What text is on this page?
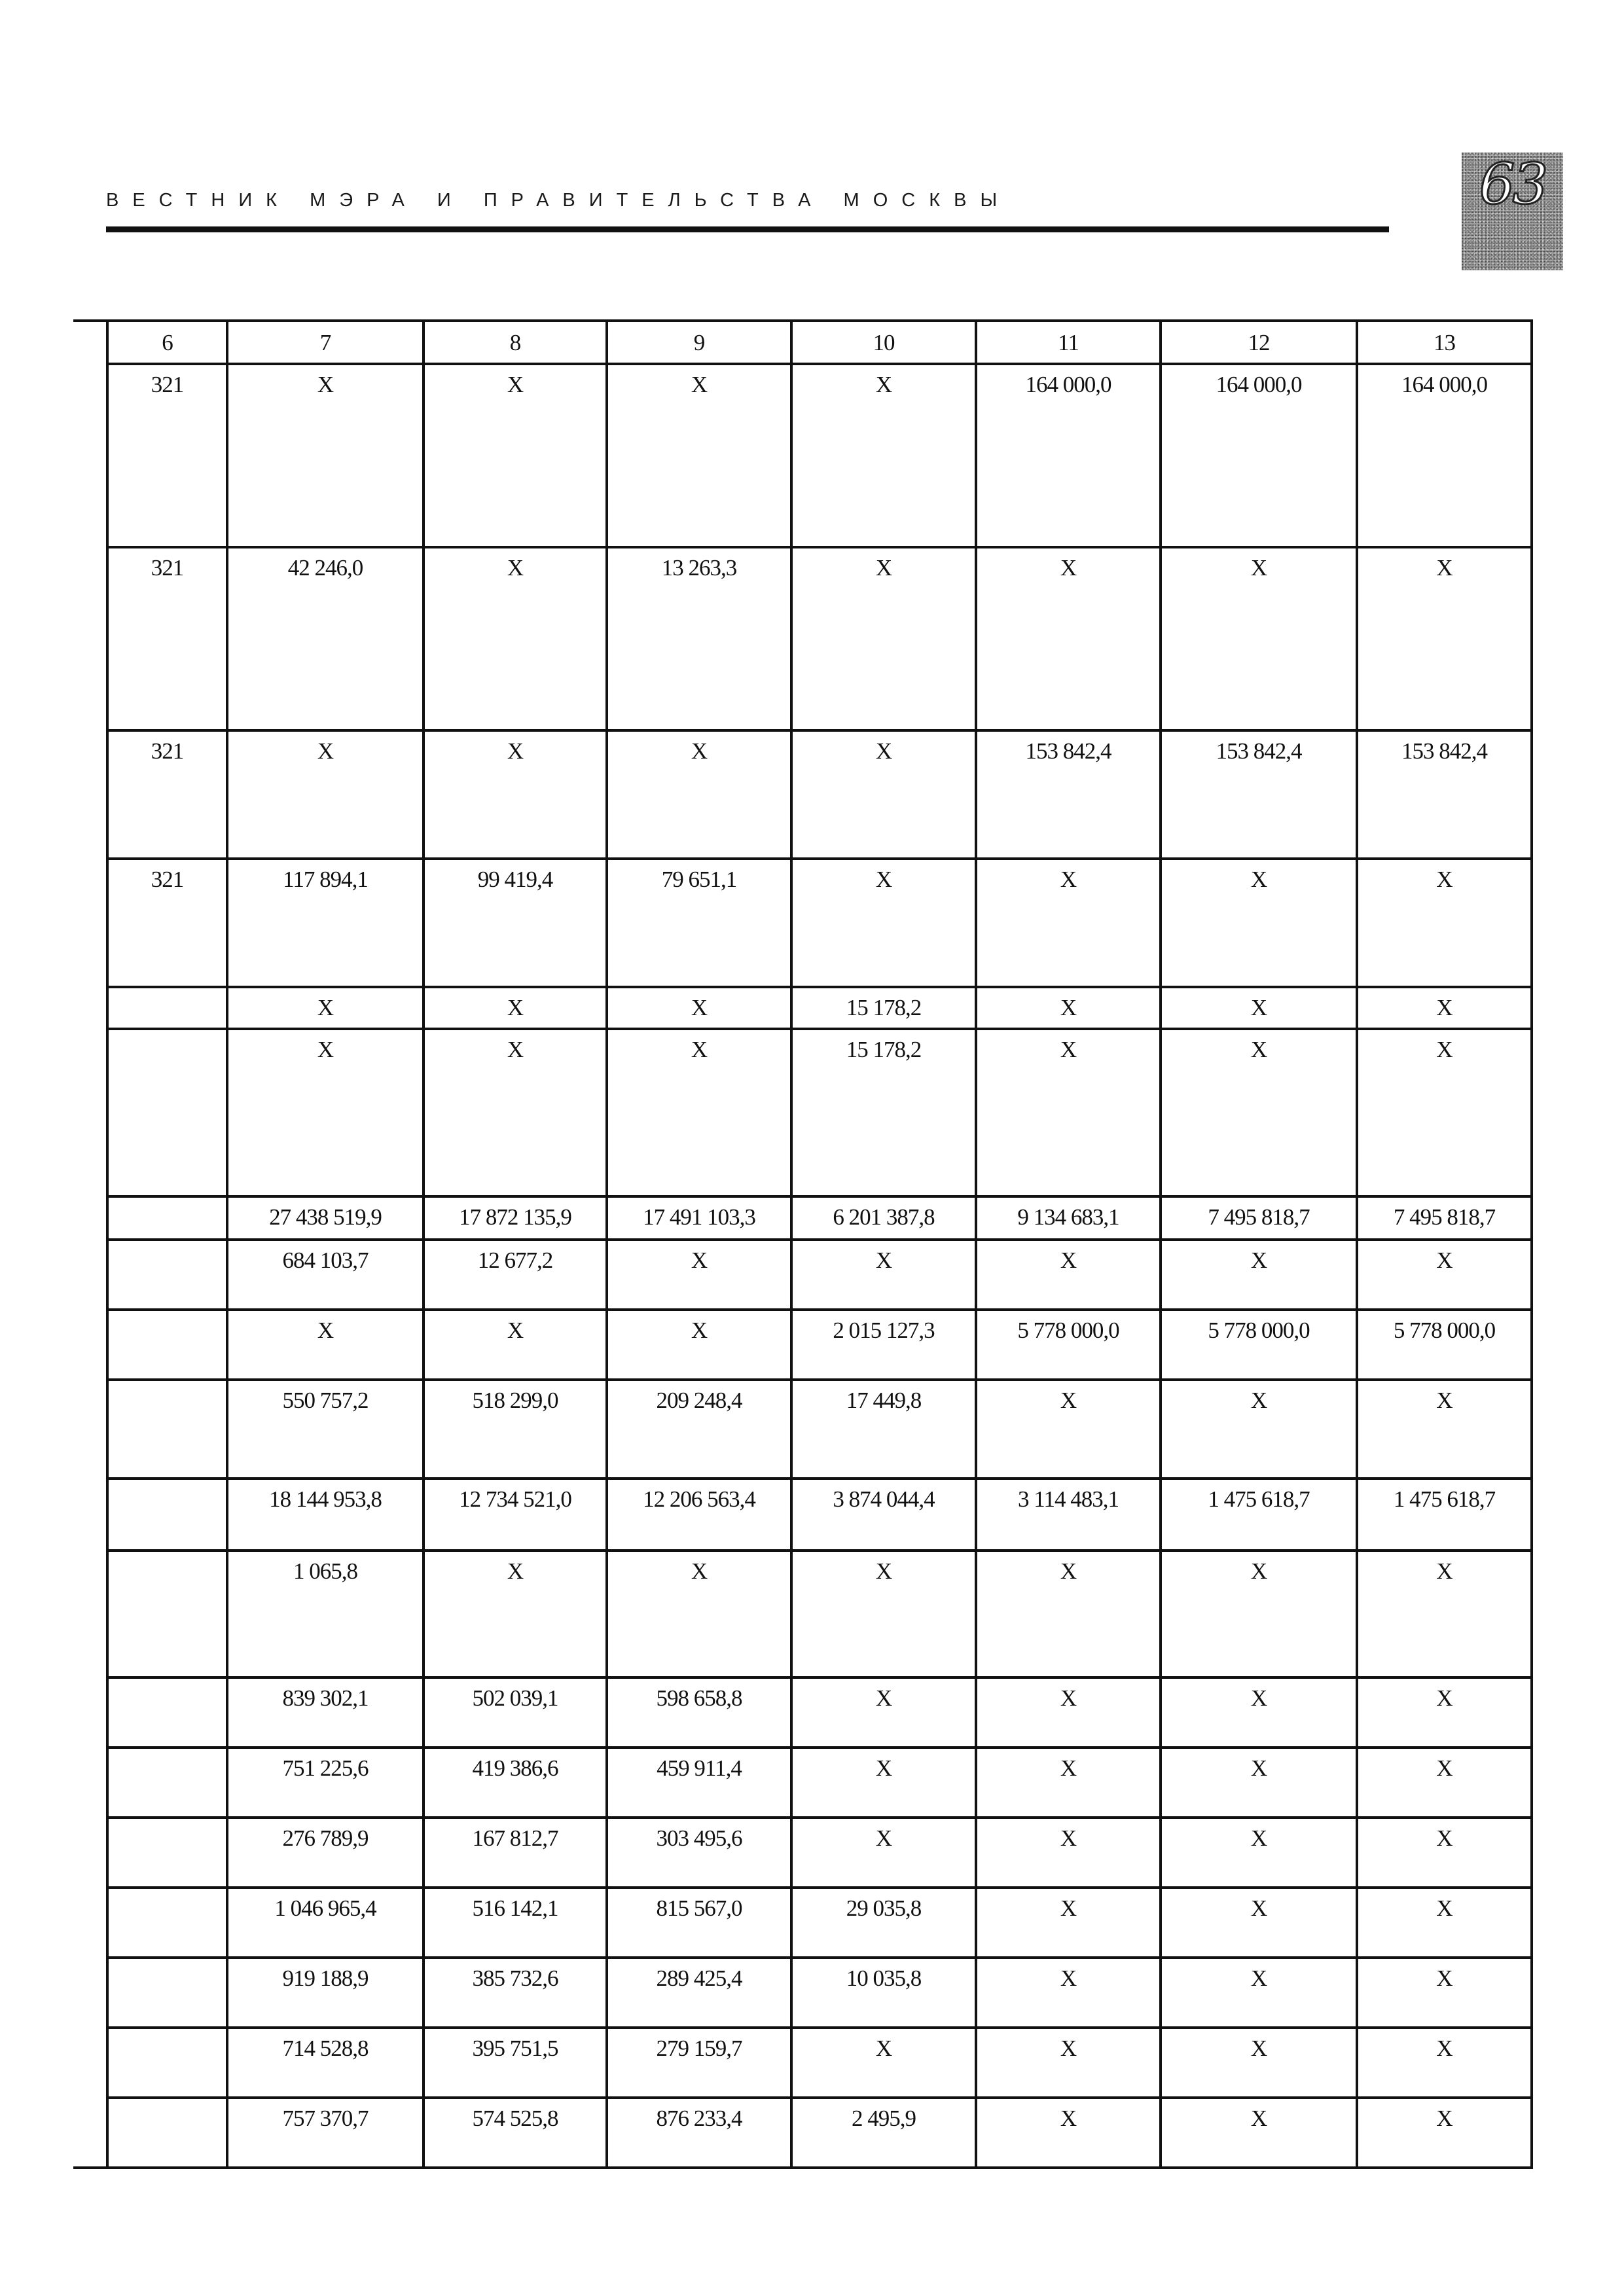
ВЕСТНИК МЭРА И ПРАВИТЕЛЬСТВА МОСКВЫ	63
6	7	8	9	10	11	12	13
321	Х	Х	Х	Х	164 000,0	164 000,0	164 000,0
321	42 246,0	Х	13 263,3	Х	Х	Х	Х
321	Х	Х	Х	Х	153 842,4	153 842,4	153 842,4
321	117 894,1	99 419,4	79 651,1	Х	Х	Х	Х
	Х	Х	Х	15 178,2	Х	Х	Х
	Х	Х	Х	15 178,2	Х	Х	Х
	27 438 519,9	17 872 135,9	17 491 103,3	6 201 387,8	9 134 683,1	7 495 818,7	7 495 818,7
	684 103,7	12 677,2	Х	Х	Х	Х	Х
	Х	Х	Х	2 015 127,3	5 778 000,0	5 778 000,0	5 778 000,0
	550 757,2	518 299,0	209 248,4	17 449,8	Х	Х	Х
	18 144 953,8	12 734 521,0	12 206 563,4	3 874 044,4	3 114 483,1	1 475 618,7	1 475 618,7
	1 065,8	Х	Х	Х	Х	Х	Х
	839 302,1	502 039,1	598 658,8	Х	Х	Х	Х
	751 225,6	419 386,6	459 911,4	Х	Х	Х	Х
	276 789,9	167 812,7	303 495,6	Х	Х	Х	Х
	1 046 965,4	516 142,1	815 567,0	29 035,8	Х	Х	Х
	919 188,9	385 732,6	289 425,4	10 035,8	Х	Х	Х
	714 528,8	395 751,5	279 159,7	Х	Х	Х	Х
	757 370,7	574 525,8	876 233,4	2 495,9	Х	Х	Х
